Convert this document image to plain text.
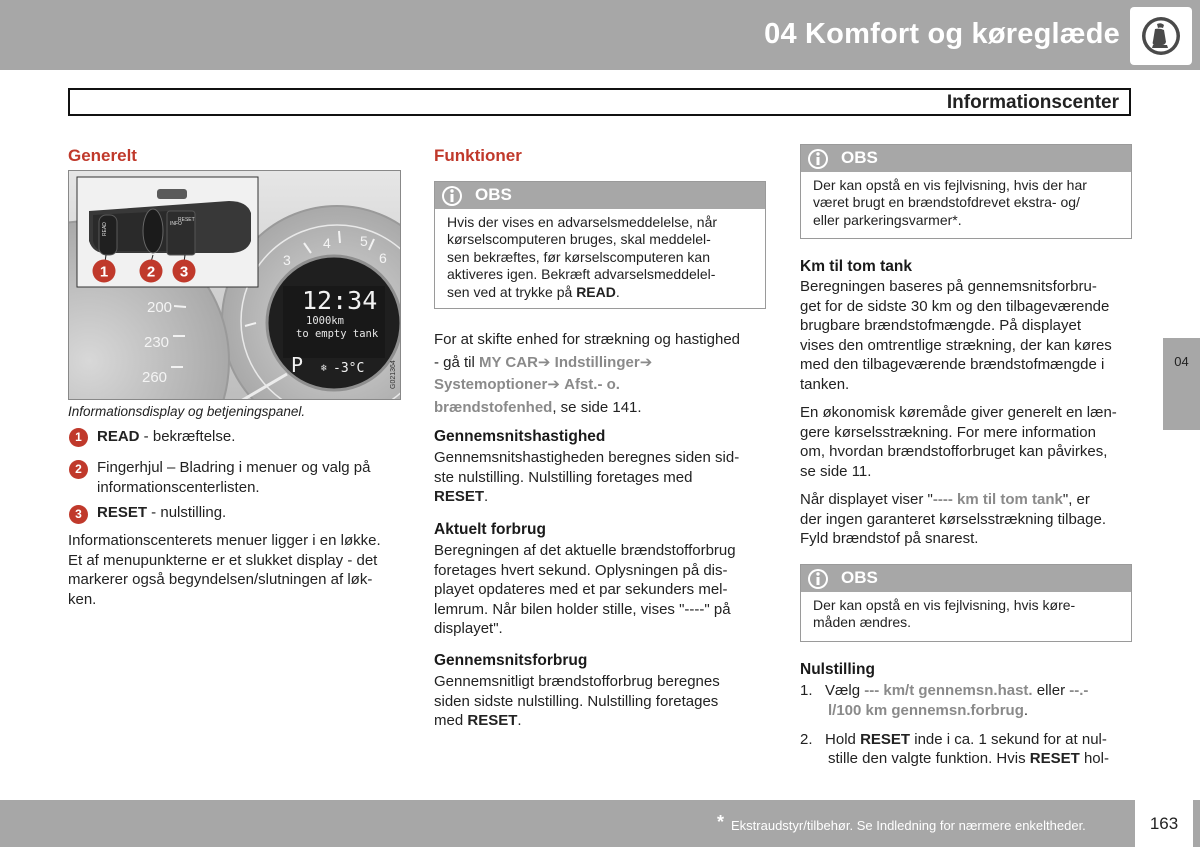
04 Komfort og køreglæde
Informationscenter
04
Generelt
200
230
260
3
4 5
6
12:34
1000km
to empty tank
P ❄ -3°C	G021364
READ	INFO
RESET
1	2 3
Informationsdisplay og betjeningspanel.
1	READ - bekræftelse.
2	Fingerhjul – Bladring i menuer og valg på
informationscenterlisten.
3	RESET - nulstilling.
Informationscenterets menuer ligger i en løkke.
Et af menupunkterne er et slukket display - det
markerer også begyndelsen/slutningen af løk-
ken.
Funktioner
OBS
Hvis der vises en advarselsmeddelelse, når
kørselscomputeren bruges, skal meddelel-
sen bekræftes, før kørselscomputeren kan
aktiveres igen. Bekræft advarselsmeddelel-
sen ved at trykke på READ.
For at skifte enhed for strækning og hastighed
- gå til MY CAR➔ Indstillinger➔
Systemoptioner➔ Afst.- o.
brændstofenhed, se side 141.
Gennemsnitshastighed
Gennemsnitshastigheden beregnes siden sid-
ste nulstilling. Nulstilling foretages med
RESET.
Aktuelt forbrug
Beregningen af det aktuelle brændstofforbrug
foretages hvert sekund. Oplysningen på dis-
playet opdateres med et par sekunders mel-
lemrum. Når bilen holder stille, vises "----" på
displayet".
Gennemsnitsforbrug
Gennemsnitligt brændstofforbrug beregnes
siden sidste nulstilling. Nulstilling foretages
med RESET.
OBS
Der kan opstå en vis fejlvisning, hvis der har
været brugt en brændstofdrevet ekstra- og/
eller parkeringsvarmer*.
Km til tom tank
Beregningen baseres på gennemsnitsforbru-
get for de sidste 30 km og den tilbageværende
brugbare brændstofmængde. På displayet
vises den omtrentlige strækning, der kan køres
med den tilbageværende brændstofmængde i
tanken.
En økonomisk køremåde giver generelt en læn-
gere kørselsstrækning. For mere information
om, hvordan brændstofforbruget kan påvirkes,
se side 11.
Når displayet viser "---- km til tom tank", er
der ingen garanteret kørselsstrækning tilbage.
Fyld brændstof på snarest.
OBS
Der kan opstå en vis fejlvisning, hvis køre-
måden ændres.
Nulstilling
1. Vælg --- km/t gennemsn.hast. eller --.-
l/100 km gennemsn.forbrug.
2. Hold RESET inde i ca. 1 sekund for at nul-
stille den valgte funktion. Hvis RESET hol-
* Ekstraudstyr/tilbehør. Se Indledning for nærmere enkeltheder.	163
